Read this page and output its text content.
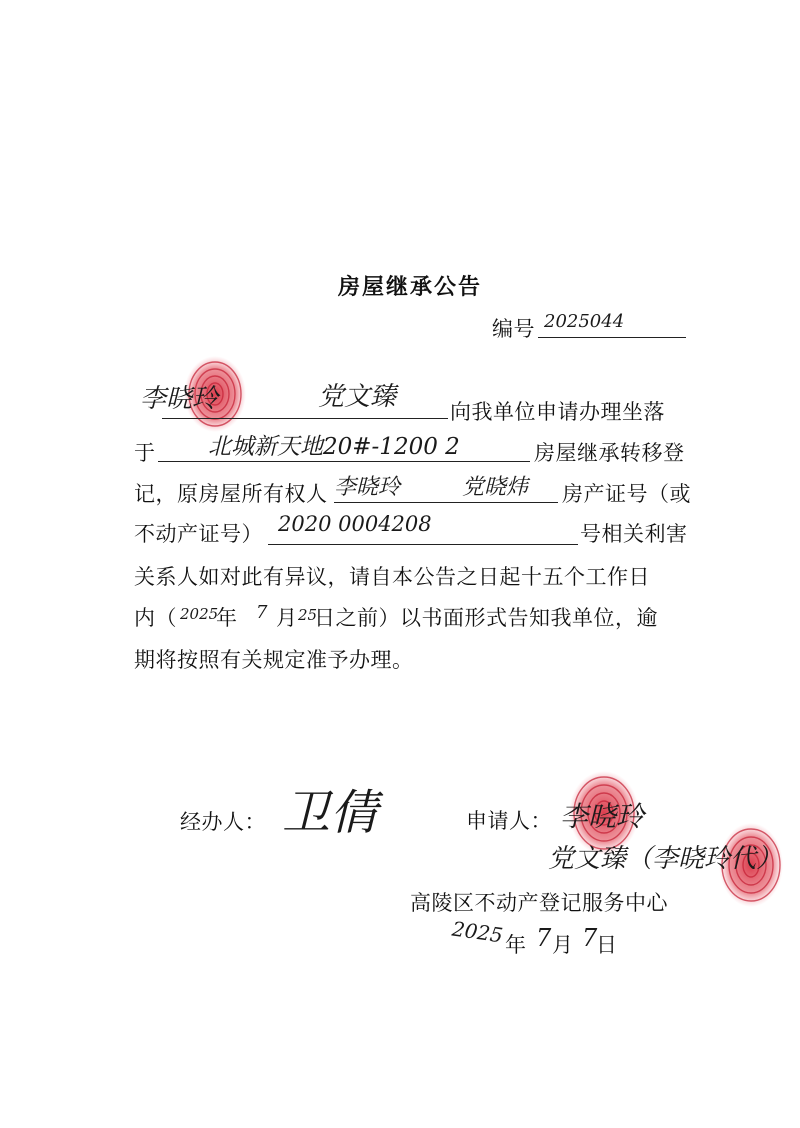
房屋继承公告
编号 2025044
李晓玲	党文臻	向我单位申请办理坐落
于 北城新天地20#-1200 2	房屋继承转移登
记，原房屋所有权人 李晓玲	党晓炜 房产证号（或
不动产证号） 2020 0004208	号相关利害
关系人如对此有异议，请自本公告之日起十五个工作日
内（ 2025
年 7 月 25
日之前）以书面形式告知我单位，逾
期将按照有关规定准予办理。
经办人： 卫倩	申请人： 李晓玲
党文臻（李晓玲代）
高陵区不动产登记服务中心
2025 年 7 月 7
日
